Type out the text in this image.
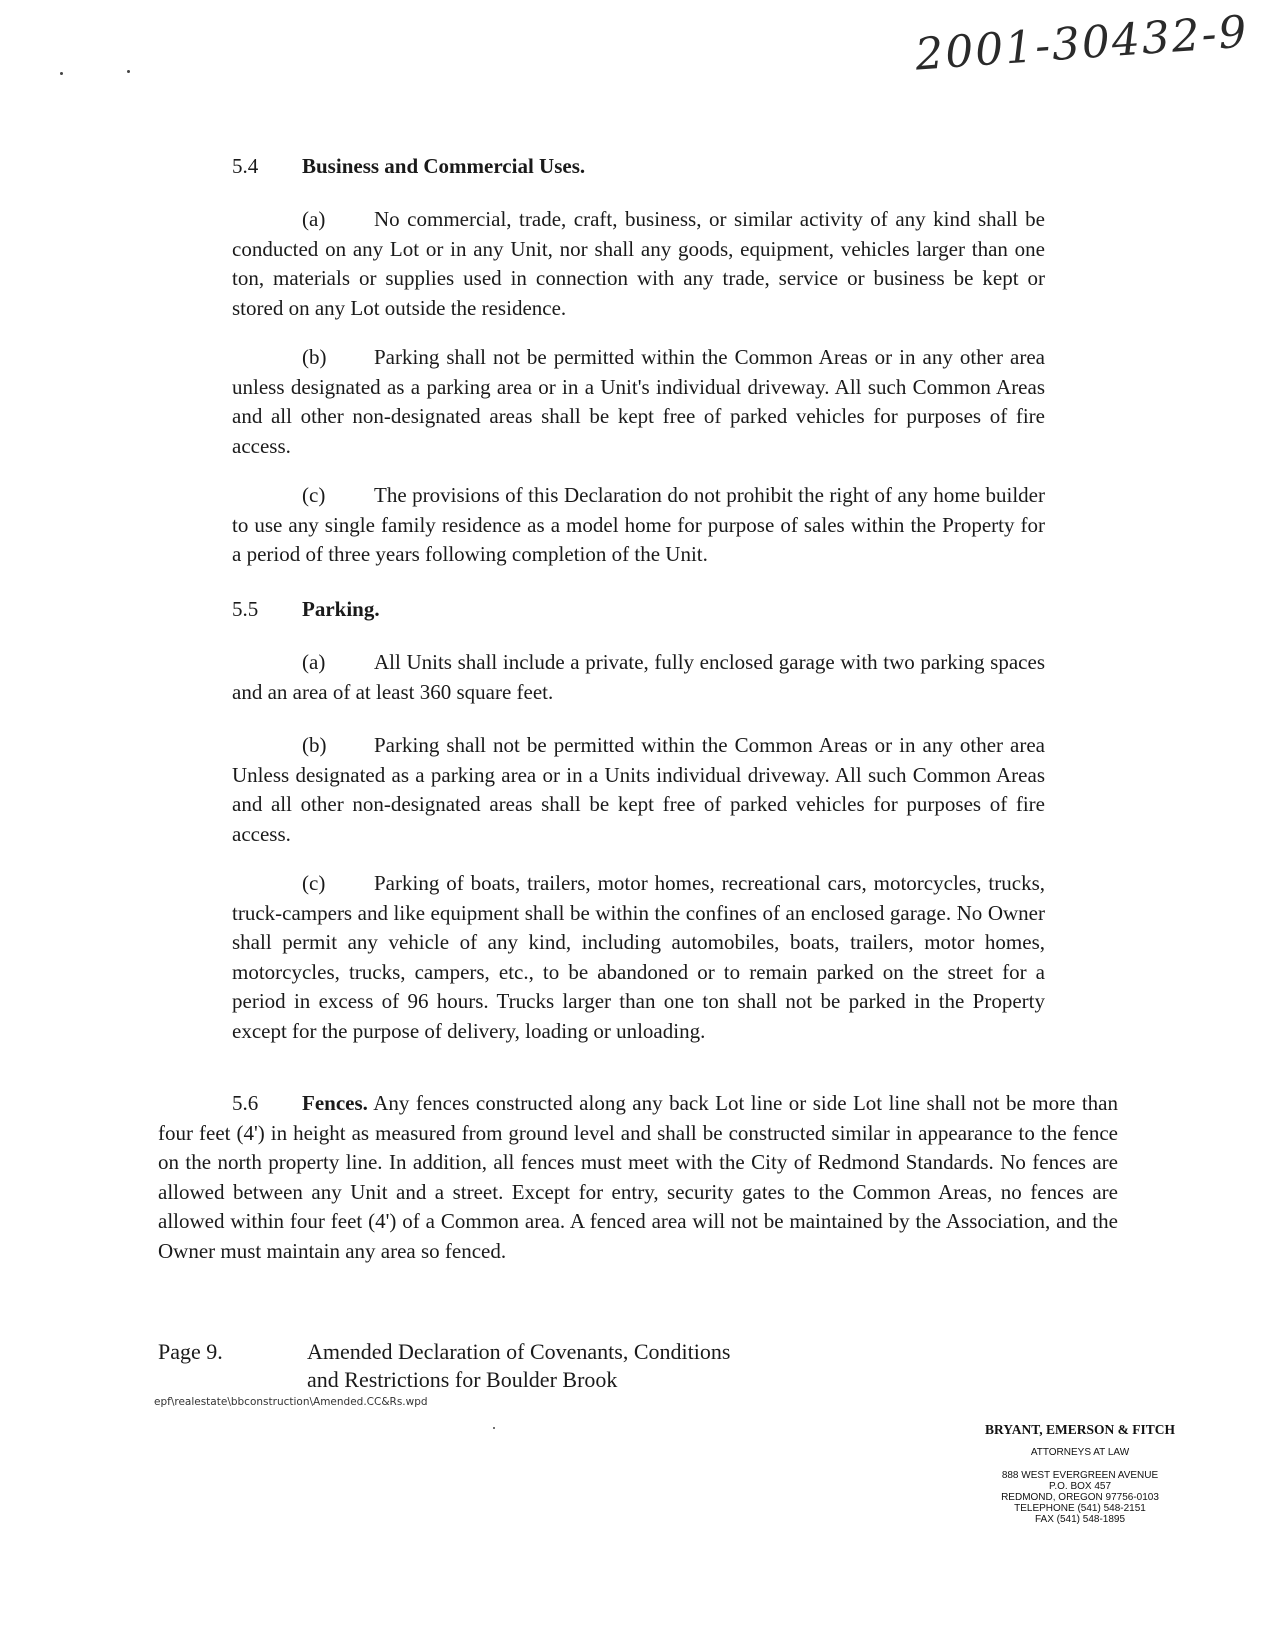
2001-30432-9
5.4 Business and Commercial Uses.
(a) No commercial, trade, craft, business, or similar activity of any kind shall be conducted on any Lot or in any Unit, nor shall any goods, equipment, vehicles larger than one ton, materials or supplies used in connection with any trade, service or business be kept or stored on any Lot outside the residence.
(b) Parking shall not be permitted within the Common Areas or in any other area unless designated as a parking area or in a Unit's individual driveway. All such Common Areas and all other non-designated areas shall be kept free of parked vehicles for purposes of fire access.
(c) The provisions of this Declaration do not prohibit the right of any home builder to use any single family residence as a model home for purpose of sales within the Property for a period of three years following completion of the Unit.
5.5 Parking.
(a) All Units shall include a private, fully enclosed garage with two parking spaces and an area of at least 360 square feet.
(b) Parking shall not be permitted within the Common Areas or in any other area Unless designated as a parking area or in a Units individual driveway. All such Common Areas and all other non-designated areas shall be kept free of parked vehicles for purposes of fire access.
(c) Parking of boats, trailers, motor homes, recreational cars, motorcycles, trucks, truck-campers and like equipment shall be within the confines of an enclosed garage. No Owner shall permit any vehicle of any kind, including automobiles, boats, trailers, motor homes, motorcycles, trucks, campers, etc., to be abandoned or to remain parked on the street for a period in excess of 96 hours. Trucks larger than one ton shall not be parked in the Property except for the purpose of delivery, loading or unloading.
5.6 Fences. Any fences constructed along any back Lot line or side Lot line shall not be more than four feet (4') in height as measured from ground level and shall be constructed similar in appearance to the fence on the north property line. In addition, all fences must meet with the City of Redmond Standards. No fences are allowed between any Unit and a street. Except for entry, security gates to the Common Areas, no fences are allowed within four feet (4') of a Common area. A fenced area will not be maintained by the Association, and the Owner must maintain any area so fenced.
Page 9.	Amended Declaration of Covenants, Conditions
and Restrictions for Boulder Brook
epf\realestate\bbconstruction\Amended.CC&Rs.wpd
BRYANT, EMERSON & FITCH
ATTORNEYS AT LAW
888 WEST EVERGREEN AVENUE
P.O. BOX 457
REDMOND, OREGON 97756-0103
TELEPHONE (541) 548-2151
FAX (541) 548-1895
